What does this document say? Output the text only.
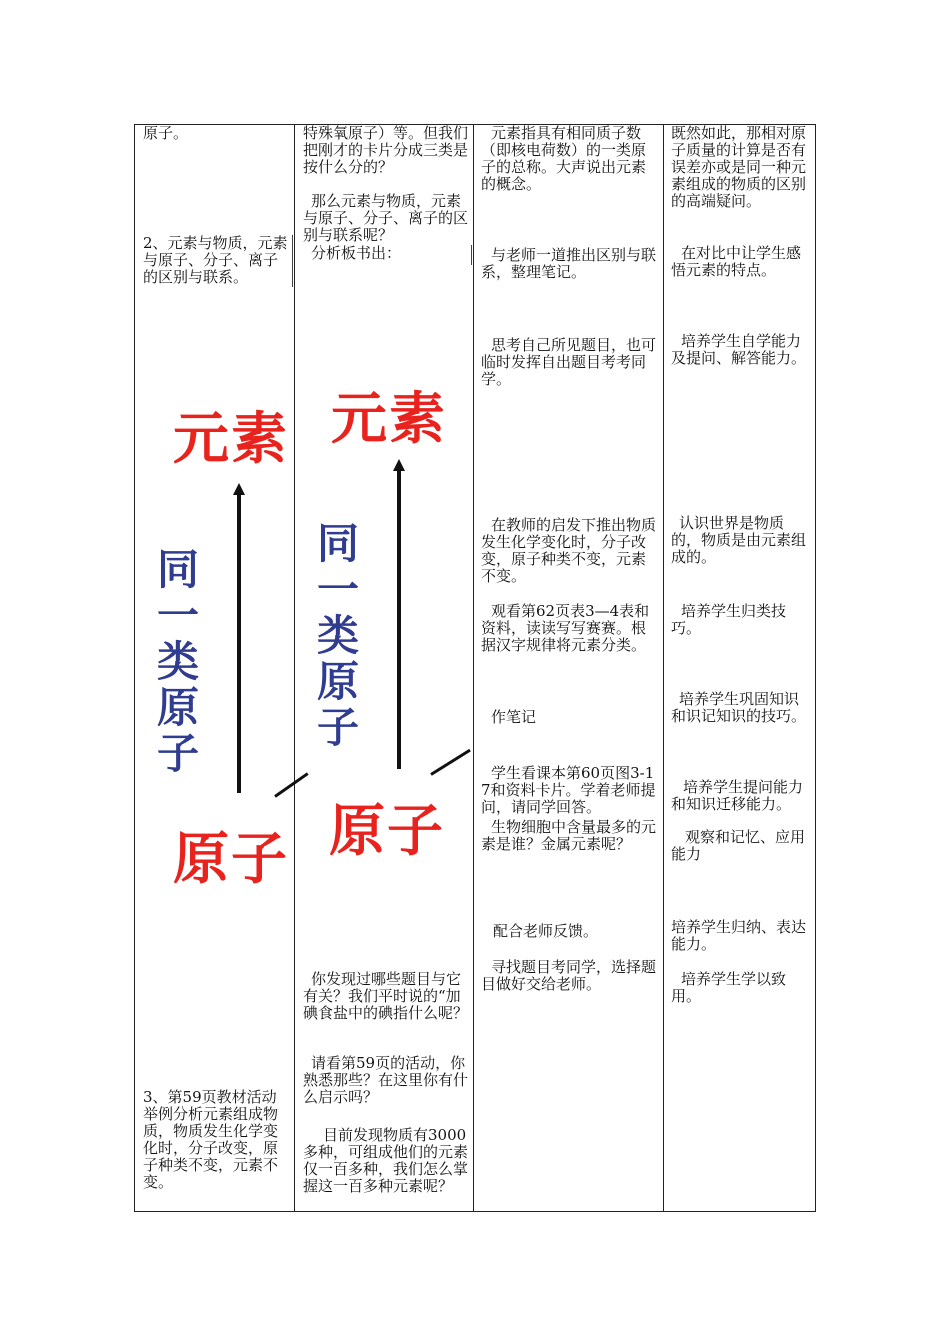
原子。
2、元素与物质，元素与原子、分子、离子的区别与联系。
3、第59页教材活动举例分析元素组成物质，物质发生化学变化时，分子改变，原子种类不变，元素不变。
特殊氧原子）等。但我们把刚才的卡片分成三类是按什么分的？
那么元素与物质，元素与原子、分子、离子的区别与联系呢？
分析板书出：
你发现过哪些题目与它有关？我们平时说的“加碘食盐中的碘指什么呢？
请看第59页的活动，你熟悉那些？在这里你有什么启示吗？
目前发现物质有3000多种，可组成他们的元素仅一百多种，我们怎么掌握这一百多种元素呢？
元素指具有相同质子数（即核电荷数）的一类原子的总称。大声说出元素的概念。
与老师一道推出区别与联系，整理笔记。
思考自己所见题目，也可临时发挥自出题目考考同学。
在教师的启发下推出物质发生化学变化时，分子改变，原子种类不变，元素不变。
观看第62页表3—4表和资料，读读写写赛赛。根据汉字规律将元素分类。
作笔记
学生看课本第60页图3-17和资料卡片。学着老师提问，请同学回答。
生物细胞中含量最多的元素是谁？金属元素呢？
配合老师反馈。
寻找题目考同学，选择题目做好交给老师。
既然如此，那相对原子质量的计算是否有误差亦或是同一种元素组成的物质的区别的高端疑问。
在对比中让学生感悟元素的特点。
培养学生自学能力及提问、解答能力。
认识世界是物质的，物质是由元素组成的。
培养学生归类技巧。
培养学生巩固知识和识记知识的技巧。
培养学生提问能力和知识迁移能力。
观察和记忆、应用能力
培养学生归纳、表达能力。
培养学生学以致用。
元素
同
一
类
原
子
原子
元素
同
一
类
原
子
原子
